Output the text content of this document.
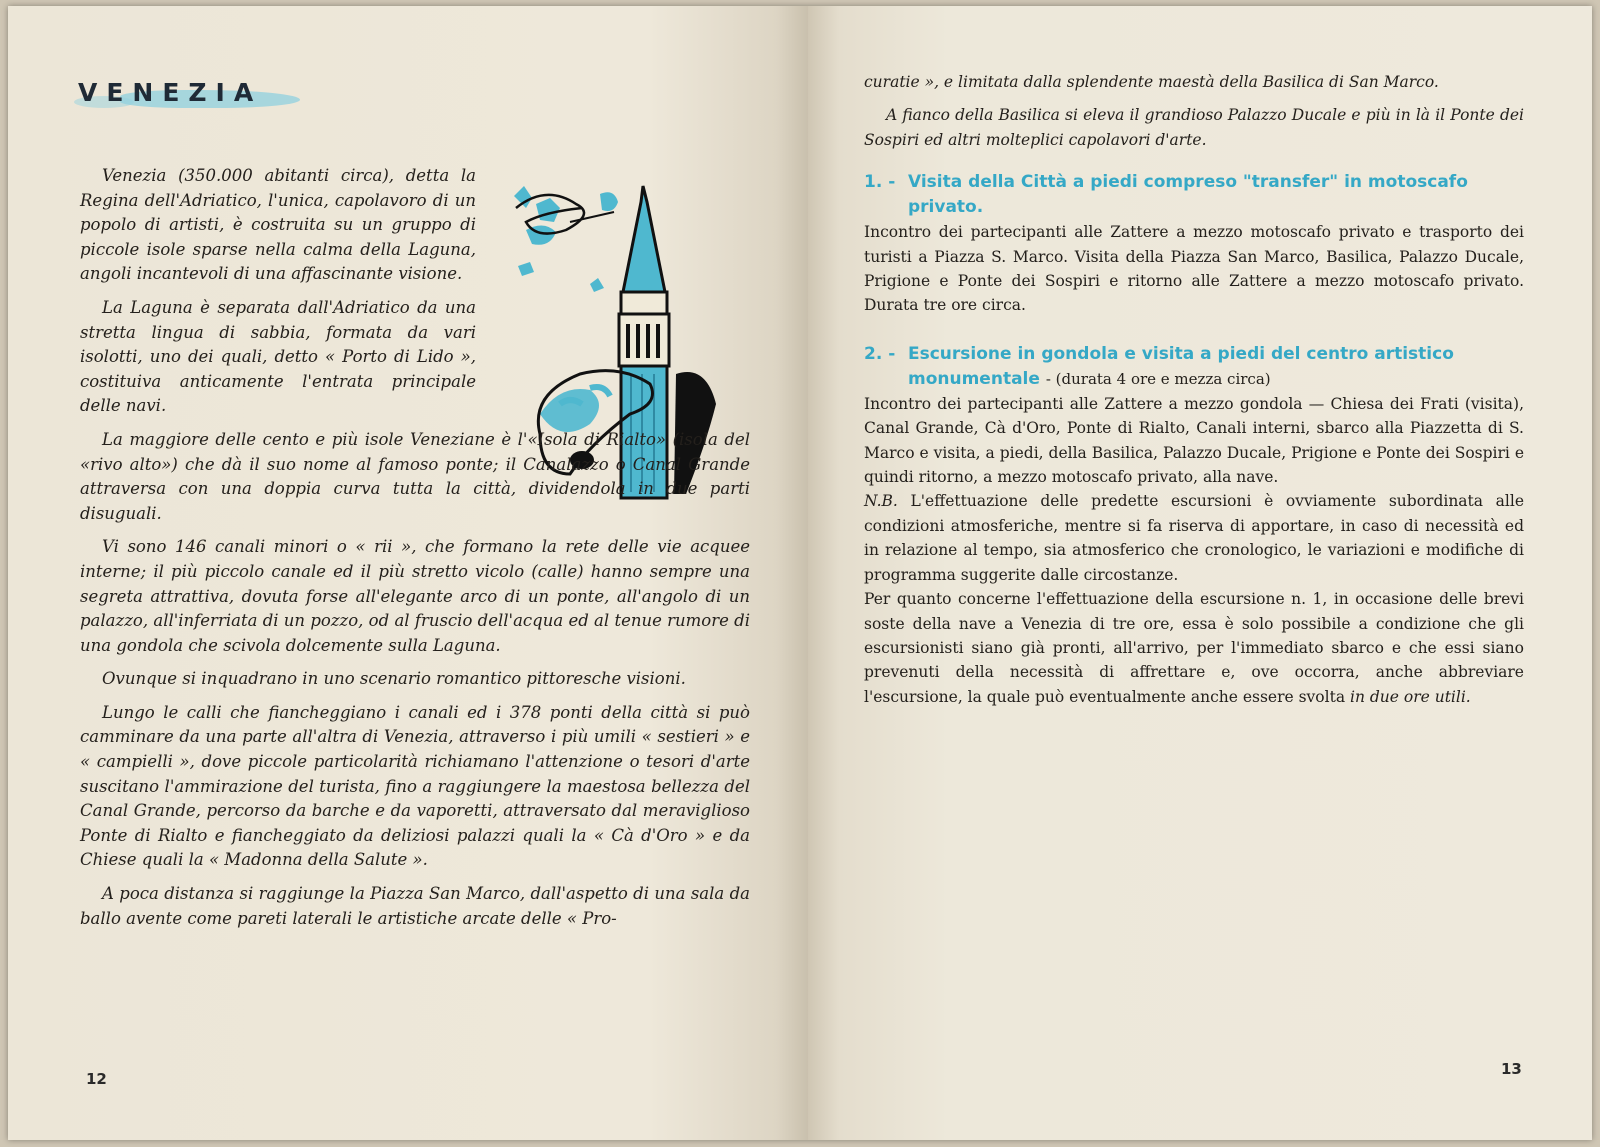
VENEZIA

Venezia (350.000 abitanti circa), detta la Regina dell'Adriatico, l'unica, capolavoro di un popolo di artisti, è costruita su un gruppo di piccole isole sparse nella calma della Laguna, angoli incantevoli di una affascinante visione.

La Laguna è separata dall'Adriatico da una stretta lingua di sabbia, formata da vari isolotti, uno dei quali, detto « Porto di Lido », costituiva anticamente l'entrata principale delle navi.

La maggiore delle cento e più isole Veneziane è l'«Isola di Rialto» (isola del «rivo alto») che dà il suo nome al famoso ponte; il Canalazzo o Canal Grande attraversa con una doppia curva tutta la città, dividendola in due parti disuguali.

Vi sono 146 canali minori o « rii », che formano la rete delle vie acquee interne; il più piccolo canale ed il più stretto vicolo (calle) hanno sempre una segreta attrattiva, dovuta forse all'elegante arco di un ponte, all'angolo di un palazzo, all'inferriata di un pozzo, od al fruscio dell'acqua ed al tenue rumore di una gondola che scivola dolcemente sulla Laguna.

Ovunque si inquadrano in uno scenario romantico pittoresche visioni.

Lungo le calli che fiancheggiano i canali ed i 378 ponti della città si può camminare da una parte all'altra di Venezia, attraverso i più umili « sestieri » e « campielli », dove piccole particolarità richiamano l'attenzione o tesori d'arte suscitano l'ammirazione del turista, fino a raggiungere la maestosa bellezza del Canal Grande, percorso da barche e da vaporetti, attraversato dal meraviglioso Ponte di Rialto e fiancheggiato da deliziosi palazzi quali la « Cà d'Oro » e da Chiese quali la « Madonna della Salute ».

A poca distanza si raggiunge la Piazza San Marco, dall'aspetto di una sala da ballo avente come pareti laterali le artistiche arcate delle « Pro-

12

curatie », e limitata dalla splendente maestà della Basilica di San Marco.

A fianco della Basilica si eleva il grandioso Palazzo Ducale e più in là il Ponte dei Sospiri ed altri molteplici capolavori d'arte.

1. - Visita della Città a piedi compreso "transfer" in motoscafo privato.

Incontro dei partecipanti alle Zattere a mezzo motoscafo privato e trasporto dei turisti a Piazza S. Marco. Visita della Piazza San Marco, Basilica, Palazzo Ducale, Prigione e Ponte dei Sospiri e ritorno alle Zattere a mezzo motoscafo privato. Durata tre ore circa.

2. - Escursione in gondola e visita a piedi del centro artistico monumentale - (durata 4 ore e mezza circa)

Incontro dei partecipanti alle Zattere a mezzo gondola — Chiesa dei Frati (visita), Canal Grande, Cà d'Oro, Ponte di Rialto, Canali interni, sbarco alla Piazzetta di S. Marco e visita, a piedi, della Basilica, Palazzo Ducale, Prigione e Ponte dei Sospiri e quindi ritorno, a mezzo motoscafo privato, alla nave.

N.B. L'effettuazione delle predette escursioni è ovviamente subordinata alle condizioni atmosferiche, mentre si fa riserva di apportare, in caso di necessità ed in relazione al tempo, sia atmosferico che cronologico, le variazioni e modifiche di programma suggerite dalle circostanze.

Per quanto concerne l'effettuazione della escursione n. 1, in occasione delle brevi soste della nave a Venezia di tre ore, essa è solo possibile a condizione che gli escursionisti siano già pronti, all'arrivo, per l'immediato sbarco e che essi siano prevenuti della necessità di affrettare e, ove occorra, anche abbreviare l'escursione, la quale può eventualmente anche essere svolta in due ore utili.

13
